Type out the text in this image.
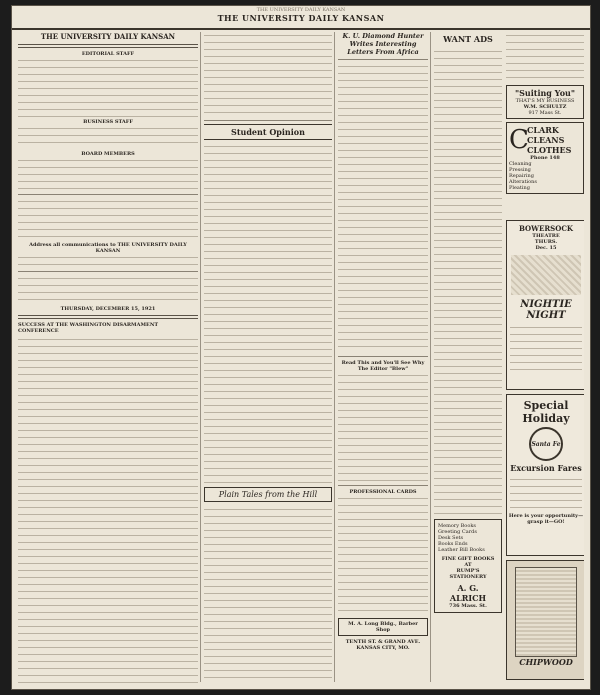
THE UNIVERSITY DAILY KANSAN
THE UNIVERSITY DAILY KANSAN
THE UNIVERSITY DAILY KANSAN
EDITORIAL STAFF
BUSINESS STAFF
BOARD MEMBERS
Address all communications to THE UNIVERSITY DAILY KANSAN
THURSDAY, DECEMBER 15, 1921
SUCCESS AT THE WASHINGTON DISARMAMENT CONFERENCE
Student Opinion
Plain Tales from the Hill
K. U. Diamond Hunter Writes Interesting Letters From Africa
Read This and You'll See Why The Editor "Blew"
PROFESSIONAL CARDS
M. A. Long Bldg., Barber Shop
TENTH ST. & GRAND AVE.
KANSAS CITY, MO.
WANT ADS
Memory Books
Greeting Cards
Desk Sets
Books Ends
Leather Bill Books
FINE GIFT BOOKS
AT
RUMP'S STATIONERY
A. G. ALRICH
736 Mass. St.
"Suiting You"
THAT'S MY BUSINESS
W.M. SCHULTZ
917 Mass St.
C
CLARK
CLEANS
CLOTHES
Phone 148
Cleaning
Pressing
Repairing
Alterations
Pleating
BOWERSOCK
THEATRE
THURS.
Dec. 15
NIGHTIE NIGHT
Special
Holiday
Santa Fe
Excursion Fares
Here is your opportunity—grasp it—GO!
CHIPWOOD
